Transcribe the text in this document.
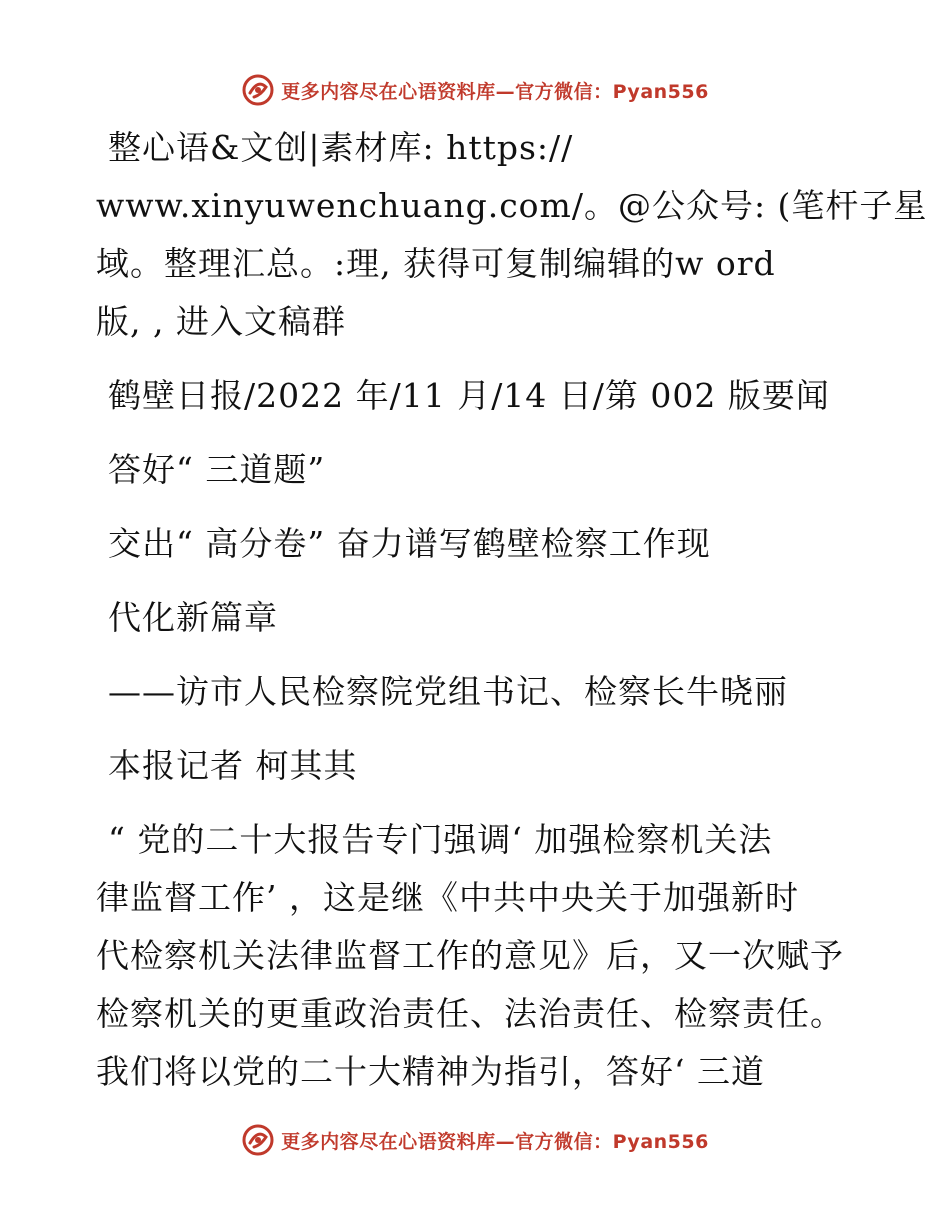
更多内容尽在心语资料库—官方微信：Pyan556
整心语&文创|素材库: https://
www.xinyuwenchuang.com/。@公众号: (笔杆子星
域。整理汇总。:理, 获得可复制编辑的w ord
版, , 进入文稿群
鹤壁日报/2022 年/11 月/14 日/第 002 版要闻
答好“ 三道题”
交出“ 高分卷” 奋力谱写鹤壁检察工作现
代化新篇章
——访市人民检察院党组书记、检察长牛晓丽
本报记者 柯其其
“ 党的二十大报告专门强调‘ 加强检察机关法
律监督工作’ ，这是继《中共中央关于加强新时
代检察机关法律监督工作的意见》后，又一次赋予
检察机关的更重政治责任、法治责任、检察责任。
我们将以党的二十大精神为指引，答好‘ 三道
更多内容尽在心语资料库—官方微信：Pyan556
